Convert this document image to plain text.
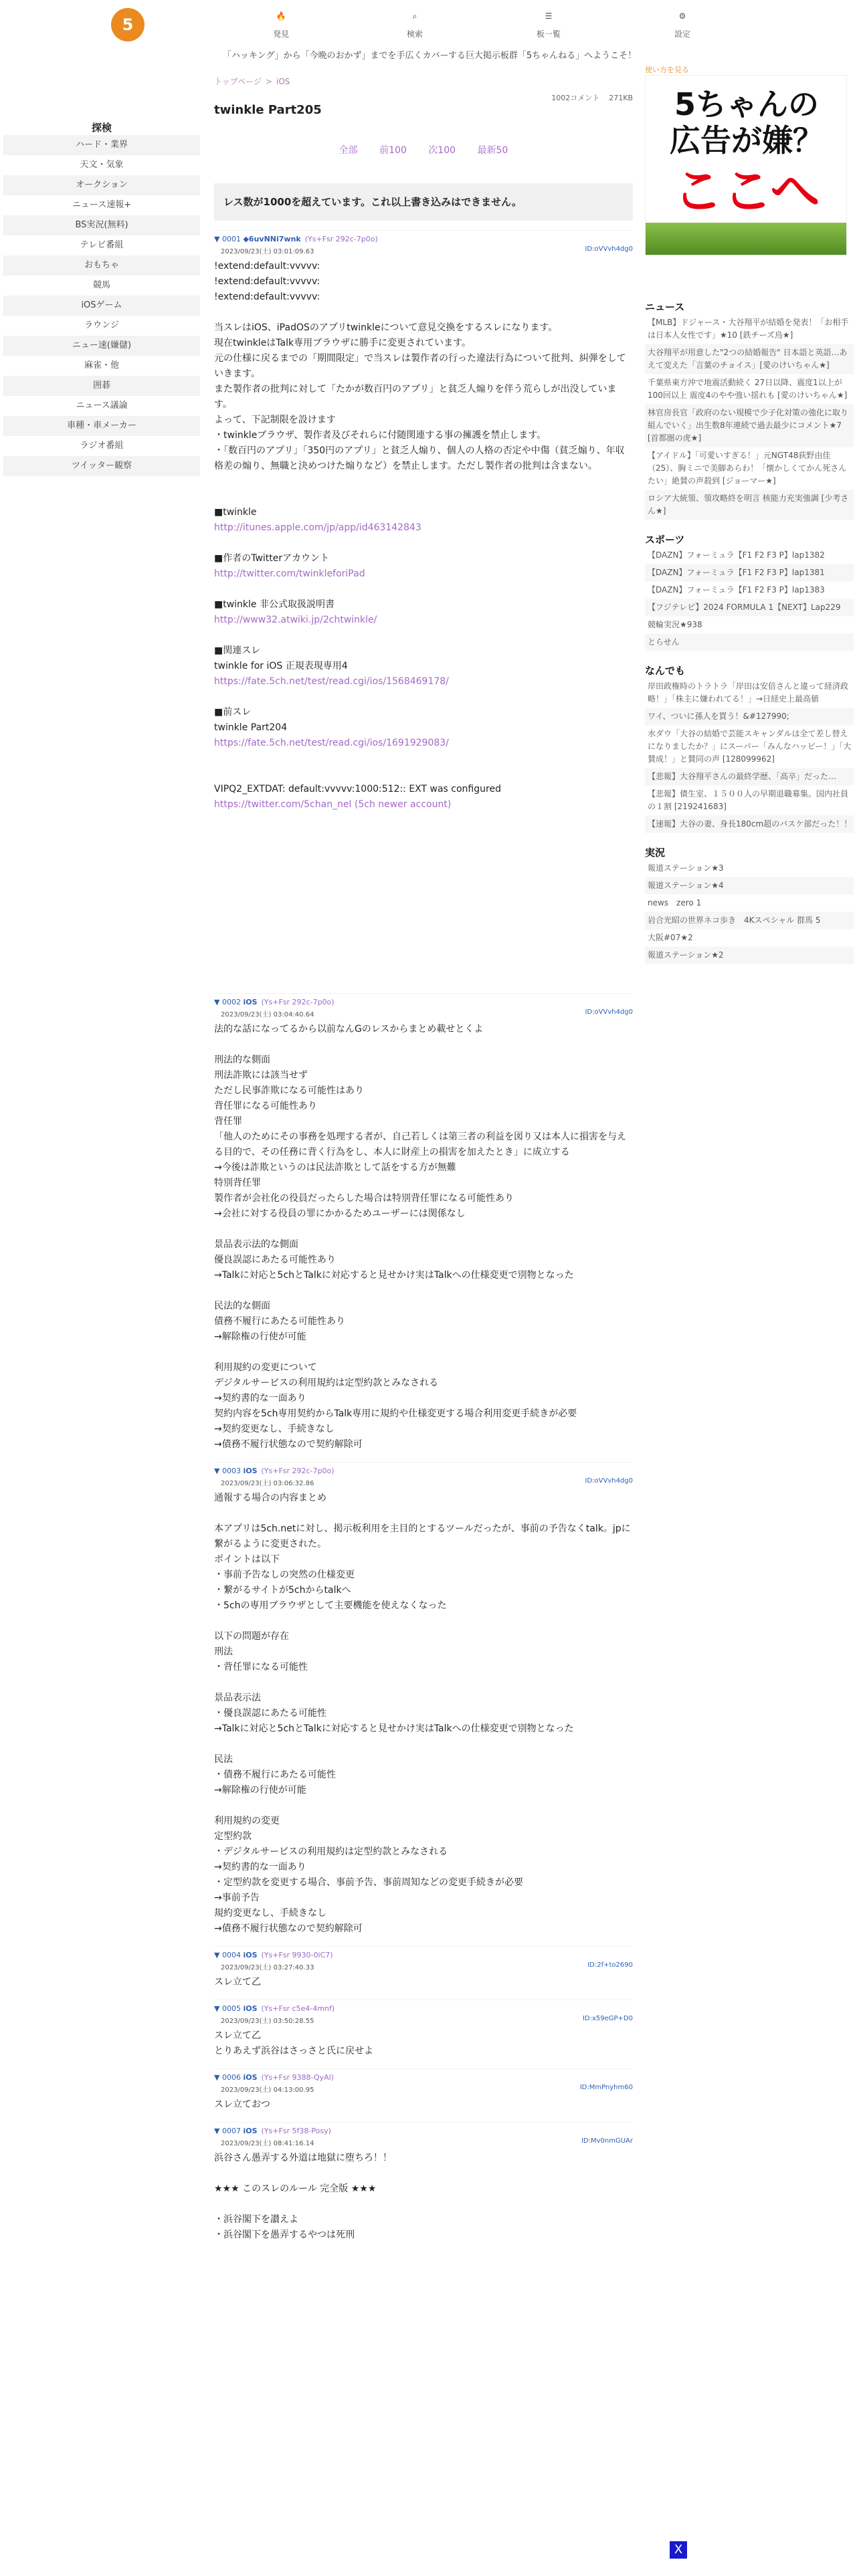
5	🔥
発見
⌕
検索
☰
板一覧
⚙
設定
「ハッキング」から「今晩のおかず」までを手広くカバーする巨大掲示板群「5ちゃんねる」へようこそ！
探検
ハード・業界
天文・気象
オークション
ニュース速報+
BS実況(無料)
テレビ番組
おもちゃ
競馬
iOSゲーム
ラウンジ
ニュー速(嫌儲)
麻雀・他
囲碁
ニュース議論
車種・車メーカー
ラジオ番組
ツイッター観察
トップページ > iOS
1002コメント 271KB
twinkle Part205
全部 前100 次100 最新50
レス数が1000を超えています。これ以上書き込みはできません。
▼ 0001 ◆6uvNNi7wnk (Ys+Fsr 292c-7p0o)
2023/09/23(土) 03:01:09.63	ID:oVVvh4dg0
!extend:default:vvvvv:
!extend:default:vvvvv:
!extend:default:vvvvv:
当スレはiOS、iPadOSのアプリtwinkleについて意見交換をするスレになります。
現在twinkleはTalk専用ブラウザに勝手に変更されています。
元の仕様に戻るまでの「期間限定」で当スレは製作者の行った違法行為について批判、糾弾をしていきます。
また製作者の批判に対して「たかが数百円のアプリ」と貧乏人煽りを伴う荒らしが出没しています。
よって、下記制限を設けます
・twinkleブラウザ、製作者及びそれらに付随関連する事の擁護を禁止します。
・「数百円のアプリ」「350円のアプリ」と貧乏人煽り、個人の人格の否定や中傷（貧乏煽り、年収格差の煽り、無職と決めつけた煽りなど）を禁止します。ただし製作者の批判は含まない。
■twinkle
http://itunes.apple.com/jp/app/id463142843
■作者のTwitterアカウント
http://twitter.com/twinkleforiPad
■twinkle 非公式取扱説明書
http://www32.atwiki.jp/2chtwinkle/
■関連スレ
twinkle for iOS 正規表現専用4
https://fate.5ch.net/test/read.cgi/ios/1568469178/
■前スレ
twinkle Part204
https://fate.5ch.net/test/read.cgi/ios/1691929083/
VIPQ2_EXTDAT: default:vvvvv:1000:512:: EXT was configured
https://twitter.com/5chan_nel (5ch newer account)
▼ 0002 iOS (Ys+Fsr 292c-7p0o)
2023/09/23(土) 03:04:40.64	ID:oVVvh4dg0
法的な話になってるから以前なんGのレスからまとめ載せとくよ
刑法的な側面
刑法詐欺には該当せず
ただし民事詐欺になる可能性はあり
背任罪になる可能性あり
背任罪
「他人のためにその事務を処理する者が、自己若しくは第三者の利益を図り又は本人に損害を与える目的で、その任務に背く行為をし、本人に財産上の損害を加えたとき」に成立する
→今後は詐欺というのは民法詐欺として話をする方が無難
特別背任罪
製作者が会社化の役員だったらした場合は特別背任罪になる可能性あり
→会社に対する役員の罪にかかるためユーザーには関係なし
景品表示法的な側面
優良誤認にあたる可能性あり
→Talkに対応と5chとTalkに対応すると見せかけ実はTalkへの仕様変更で別物となった
民法的な側面
債務不履行にあたる可能性あり
→解除権の行使が可能
利用規約の変更について
デジタルサービスの利用規約は定型約款とみなされる
→契約書的な一面あり
契約内容を5ch専用契約からTalk専用に規約や仕様変更する場合利用変更手続きが必要
→契約変更なし、手続きなし
→債務不履行状態なので契約解除可
▼ 0003 iOS (Ys+Fsr 292c-7p0o)
2023/09/23(土) 03:06:32.86	ID:oVVvh4dg0
通報する場合の内容まとめ
本アプリは5ch.netに対し、掲示板利用を主目的とするツールだったが、事前の予告なくtalk。jpに繋がるように変更された。
ポイントは以下
・事前予告なしの突然の仕様変更
・繋がるサイトが5chからtalkへ
・5chの専用ブラウザとして主要機能を使えなくなった
以下の問題が存在
刑法
・背任罪になる可能性
景品表示法
・優良誤認にあたる可能性
→Talkに対応と5chとTalkに対応すると見せかけ実はTalkへの仕様変更で別物となった
民法
・債務不履行にあたる可能性
→解除権の行使が可能
利用規約の変更
定型約款
・デジタルサービスの利用規約は定型約款とみなされる
→契約書的な一面あり
・定型約款を変更する場合、事前予告、事前周知などの変更手続きが必要
→事前予告
規約変更なし、手続きなし
→債務不履行状態なので契約解除可
▼ 0004 iOS (Ys+Fsr 9930-0iC7)
2023/09/23(土) 03:27:40.33	ID:2f+to2690
スレ立て乙
▼ 0005 iOS (Ys+Fsr c5e4-4mnf)
2023/09/23(土) 03:50:28.55	ID:x59eGP+D0
スレ立て乙
とりあえず浜谷はさっさと氏に戻せよ
▼ 0006 iOS (Ys+Fsr 9388-QyAl)
2023/09/23(土) 04:13:00.95	ID:MmPnyhm60
スレ立ておつ
▼ 0007 iOS (Ys+Fsr 5f38-Posy)
2023/09/23(土) 08:41:16.14	ID:Mv0nmGUAr
浜谷さん愚弄する外道は地獄に堕ちろ！！
★★★ このスレのルール 完全版 ★★★
・浜谷閣下を讃えよ
・浜谷閣下を愚弄するやつは死刑
使い方を見る
5ちゃんの
広告が嫌？
ここへ
ニュース
【MLB】ドジャース・大谷翔平が結婚を発表！「お相手は日本人女性です」★10 [鉄チーズ烏★]
大谷翔平が用意した"2つの結婚報告" 日本語と英語…あえて変えた「言葉のチョイス」[愛のけいちゃん★]
千葉県東方沖で地震活動続く 27日以降、震度1以上が100回以上 震度4のやや強い揺れも [愛のけいちゃん★]
林官房長官「政府のない規模で少子化対策の強化に取り組んでいく」出生数8年連続で過去最少にコメント★7 [首都圏の虎★]
【アイドル】「可愛いすぎる！」元NGT48荻野由佳（25）、胸ミニで美脚あらわ！「懐かしくてかん死さんたい」絶賛の声殺到 [ジョーマー★]
ロシア大統領、領攻略終を明言 核能力充実強調 [少考さん★]
スポーツ
【DAZN】フォーミュラ【F1 F2 F3 P】lap1382
【DAZN】フォーミュラ【F1 F2 F3 P】lap1381
【DAZN】フォーミュラ【F1 F2 F3 P】lap1383
【フジテレビ】2024 FORMULA 1【NEXT】Lap229
競輪実況★938
とらせん
なんでも
岸田政権時のトラトラ「岸田は安倍さんと違って経済政略！」「株主に嫌われてる！」→日経史上最高値
ワイ、ついに孫人を買う！&#127990;
水ダウ「大谷の結婚で芸能スキャンダルは全て差し替えになりましたか？」にスーパー「みんなハッピー！」「大賛成！」と賛同の声 [128099962]
【悲報】大谷翔平さんの最終学歴、「高卒」だった…
【悲報】債生室、１５００人の早期退職募集。国内社員の１割 [219241683]
【速報】大谷の妻、身長180cm超のバスケ部だった！！
実況
報道ステーション★3
報道ステーション★4
news　zero 1
岩合光昭の世界ネコ歩き　4Kスペシャル 群馬 5
大阪#07★2
報道ステーション★2
X
